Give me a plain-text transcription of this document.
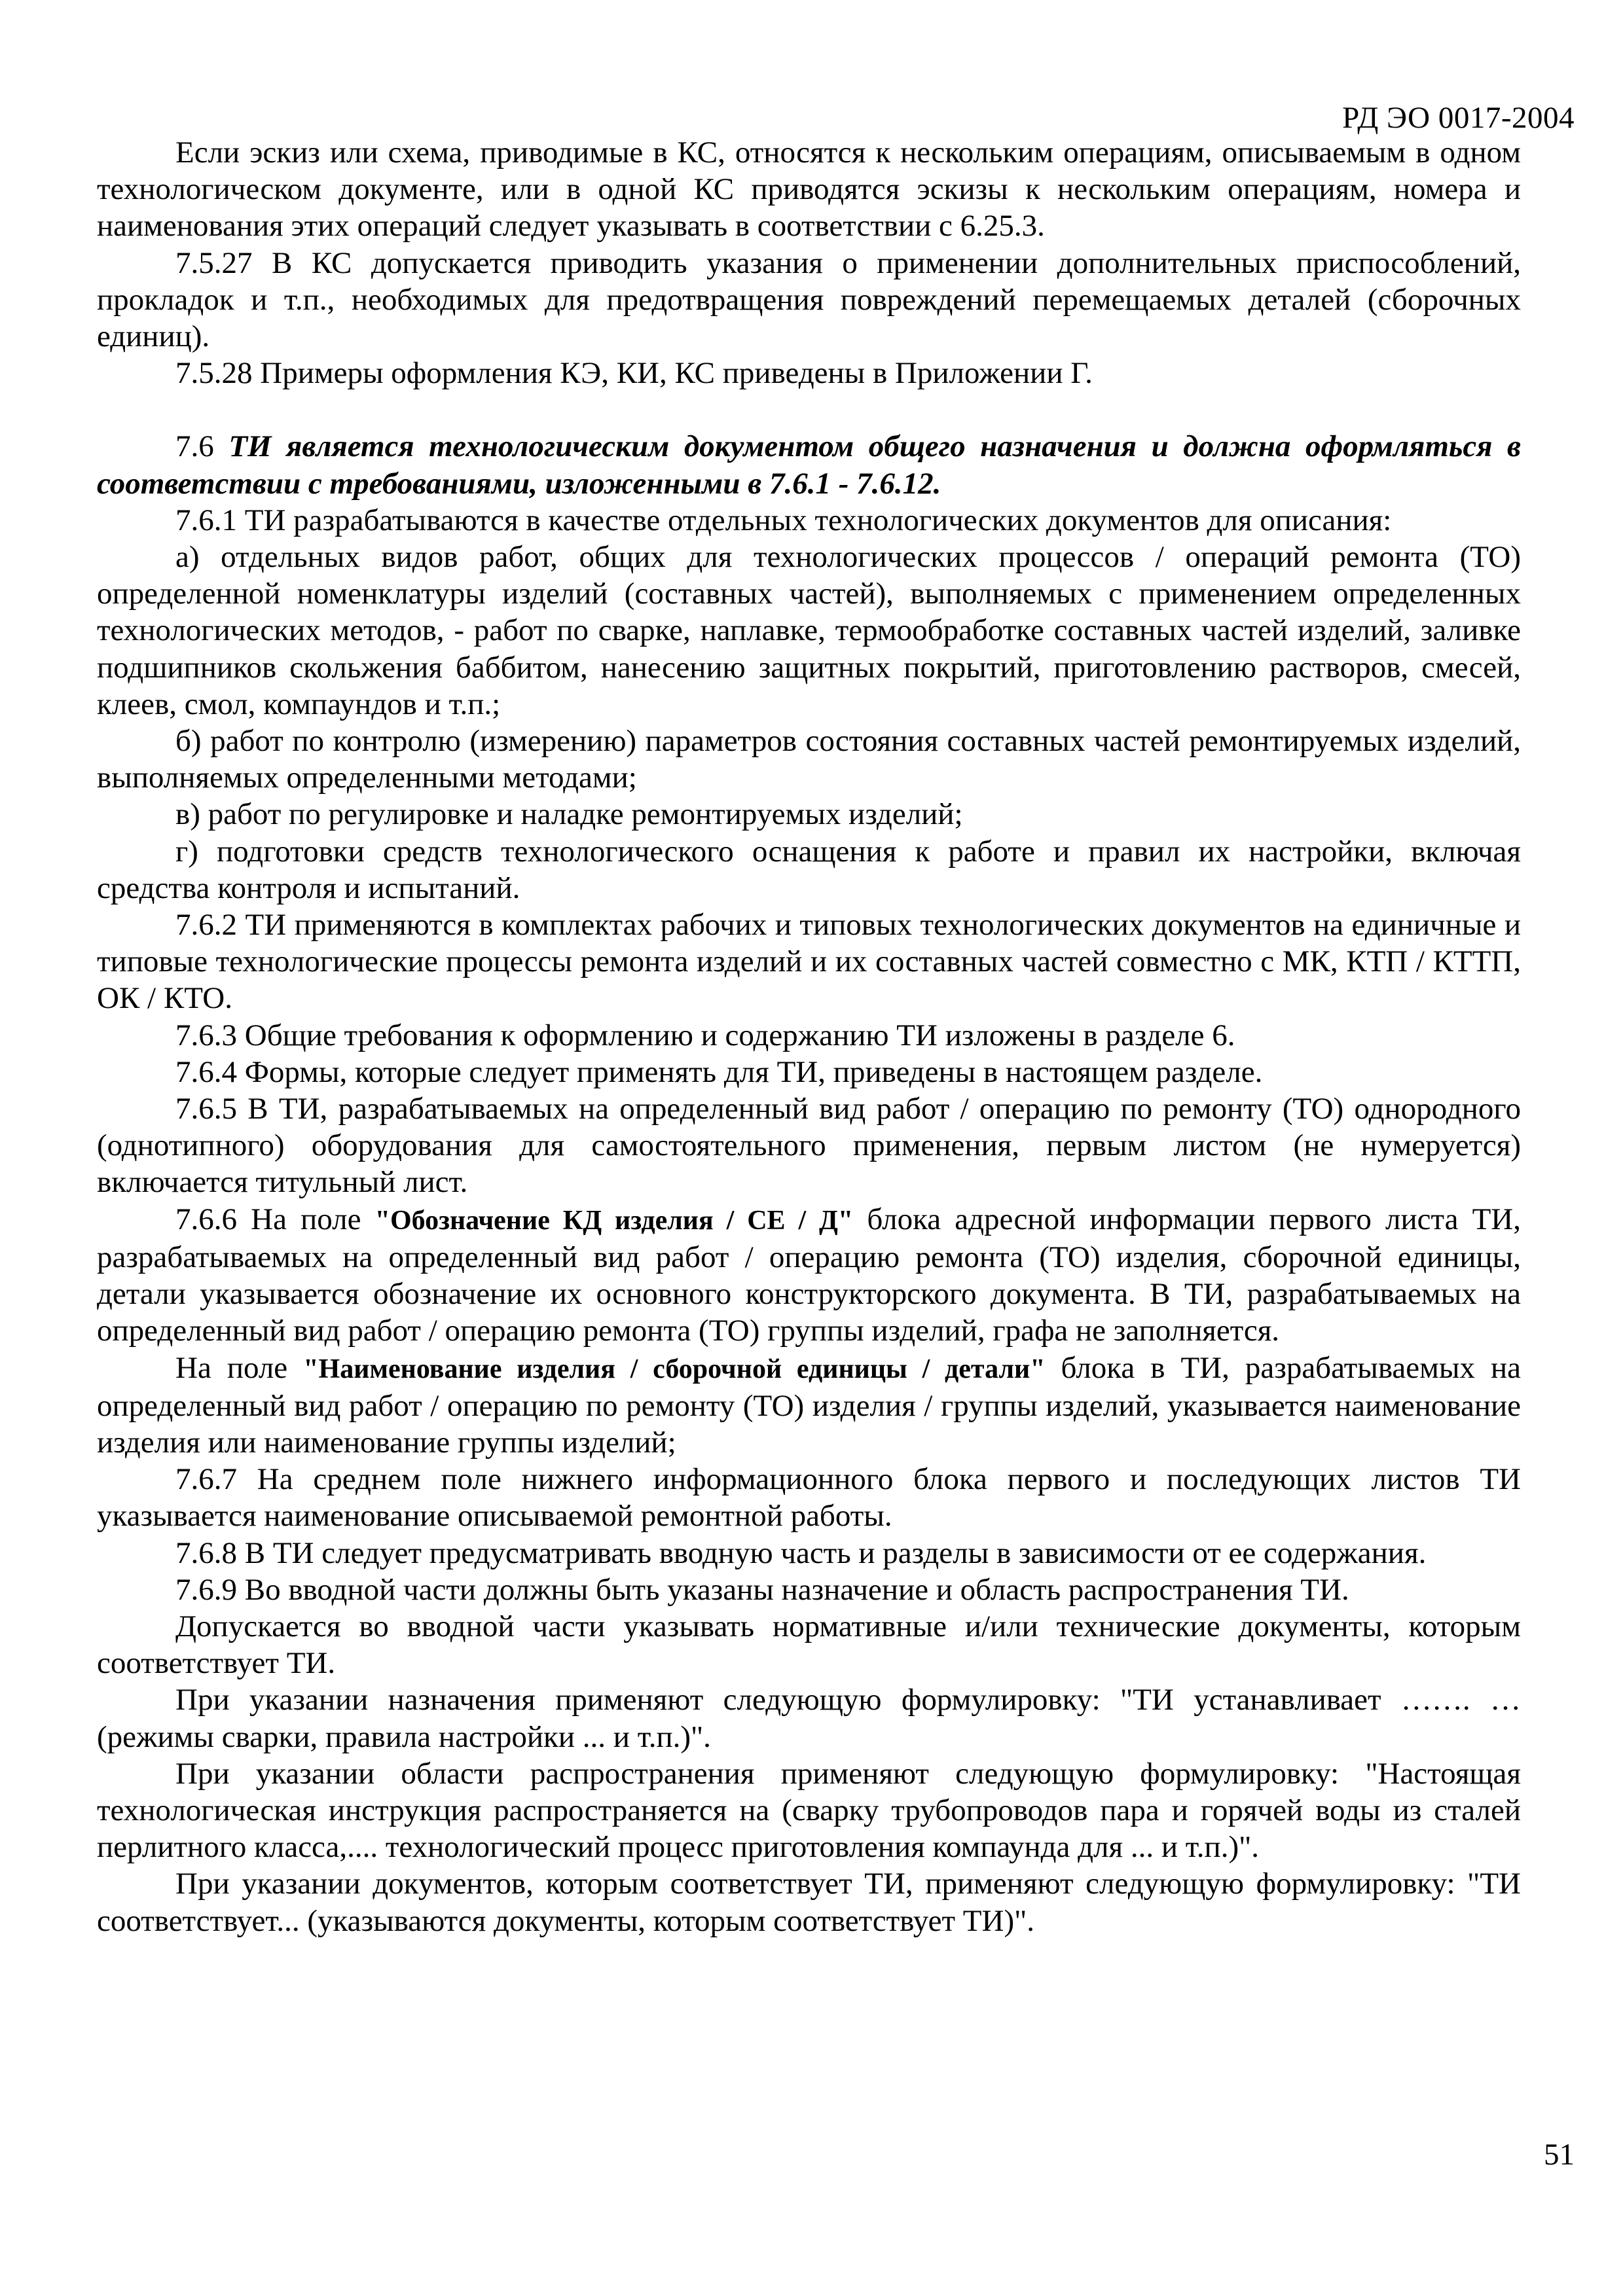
РД ЭО 0017-2004

Если эскиз или схема, приводимые в КС, относятся к нескольким операциям, описываемым в одном технологическом документе, или в одной КС приводятся эскизы к нескольким операциям, номера и наименования этих операций следует указывать в соответствии с 6.25.3.

7.5.27 В КС допускается приводить указания о применении дополнительных приспособлений, прокладок и т.п., необходимых для предотвращения повреждений перемещаемых деталей (сборочных единиц).

7.5.28 Примеры оформления КЭ, КИ, КС приведены в Приложении Г.

7.6 ТИ является технологическим документом общего назначения и должна оформляться в соответствии с требованиями, изложенными в 7.6.1 - 7.6.12.

7.6.1 ТИ разрабатываются в качестве отдельных технологических документов для описания:

а) отдельных видов работ, общих для технологических процессов / операций ремонта (ТО) определенной номенклатуры изделий (составных частей), выполняемых с применением определенных технологических методов, - работ по сварке, наплавке, термообработке составных частей изделий, заливке подшипников скольжения баббитом, нанесению защитных покрытий, приготовлению растворов, смесей, клеев, смол, компаундов и т.п.;

б) работ по контролю (измерению) параметров состояния составных частей ремонтируемых изделий, выполняемых определенными методами;

в) работ по регулировке и наладке ремонтируемых изделий;

г) подготовки средств технологического оснащения к работе и правил их настройки, включая средства контроля и испытаний.

7.6.2 ТИ применяются в комплектах рабочих и типовых технологических документов на единичные и типовые технологические процессы ремонта изделий и их составных частей совместно с МК, КТП / КТТП, ОК / КТО.

7.6.3 Общие требования к оформлению и содержанию ТИ изложены в разделе 6.

7.6.4 Формы, которые следует применять для ТИ, приведены в настоящем разделе.

7.6.5 В ТИ, разрабатываемых на определенный вид работ / операцию по ремонту (ТО) однородного (однотипного) оборудования для самостоятельного применения, первым листом (не нумеруется) включается титульный лист.

7.6.6 На поле "Обозначение КД изделия / СЕ / Д" блока адресной информации первого листа ТИ, разрабатываемых на определенный вид работ / операцию ремонта (ТО) изделия, сборочной единицы, детали указывается обозначение их основного конструкторского документа. В ТИ, разрабатываемых на определенный вид работ / операцию ремонта (ТО) группы изделий, графа не заполняется.

На поле "Наименование изделия / сборочной единицы / детали" блока в ТИ, разрабатываемых на определенный вид работ / операцию по ремонту (ТО) изделия / группы изделий, указывается наименование изделия или наименование группы изделий;

7.6.7 На среднем поле нижнего информационного блока первого и последующих листов ТИ указывается наименование описываемой ремонтной работы.

7.6.8 В ТИ следует предусматривать вводную часть и разделы в зависимости от ее содержания.

7.6.9 Во вводной части должны быть указаны назначение и область распространения ТИ.

Допускается во вводной части указывать нормативные и/или технические документы, которым соответствует ТИ.

При указании назначения применяют следующую формулировку: "ТИ устанавливает ……. …(режимы сварки, правила настройки ... и т.п.)".

При указании области распространения применяют следующую формулировку: "Настоящая технологическая инструкция распространяется на (сварку трубопроводов пара и горячей воды из сталей перлитного класса,.... технологический процесс приготовления компаунда для ... и т.п.)".

При указании документов, которым соответствует ТИ, применяют следующую формулировку: "ТИ соответствует... (указываются документы, которым соответствует ТИ)".

51
